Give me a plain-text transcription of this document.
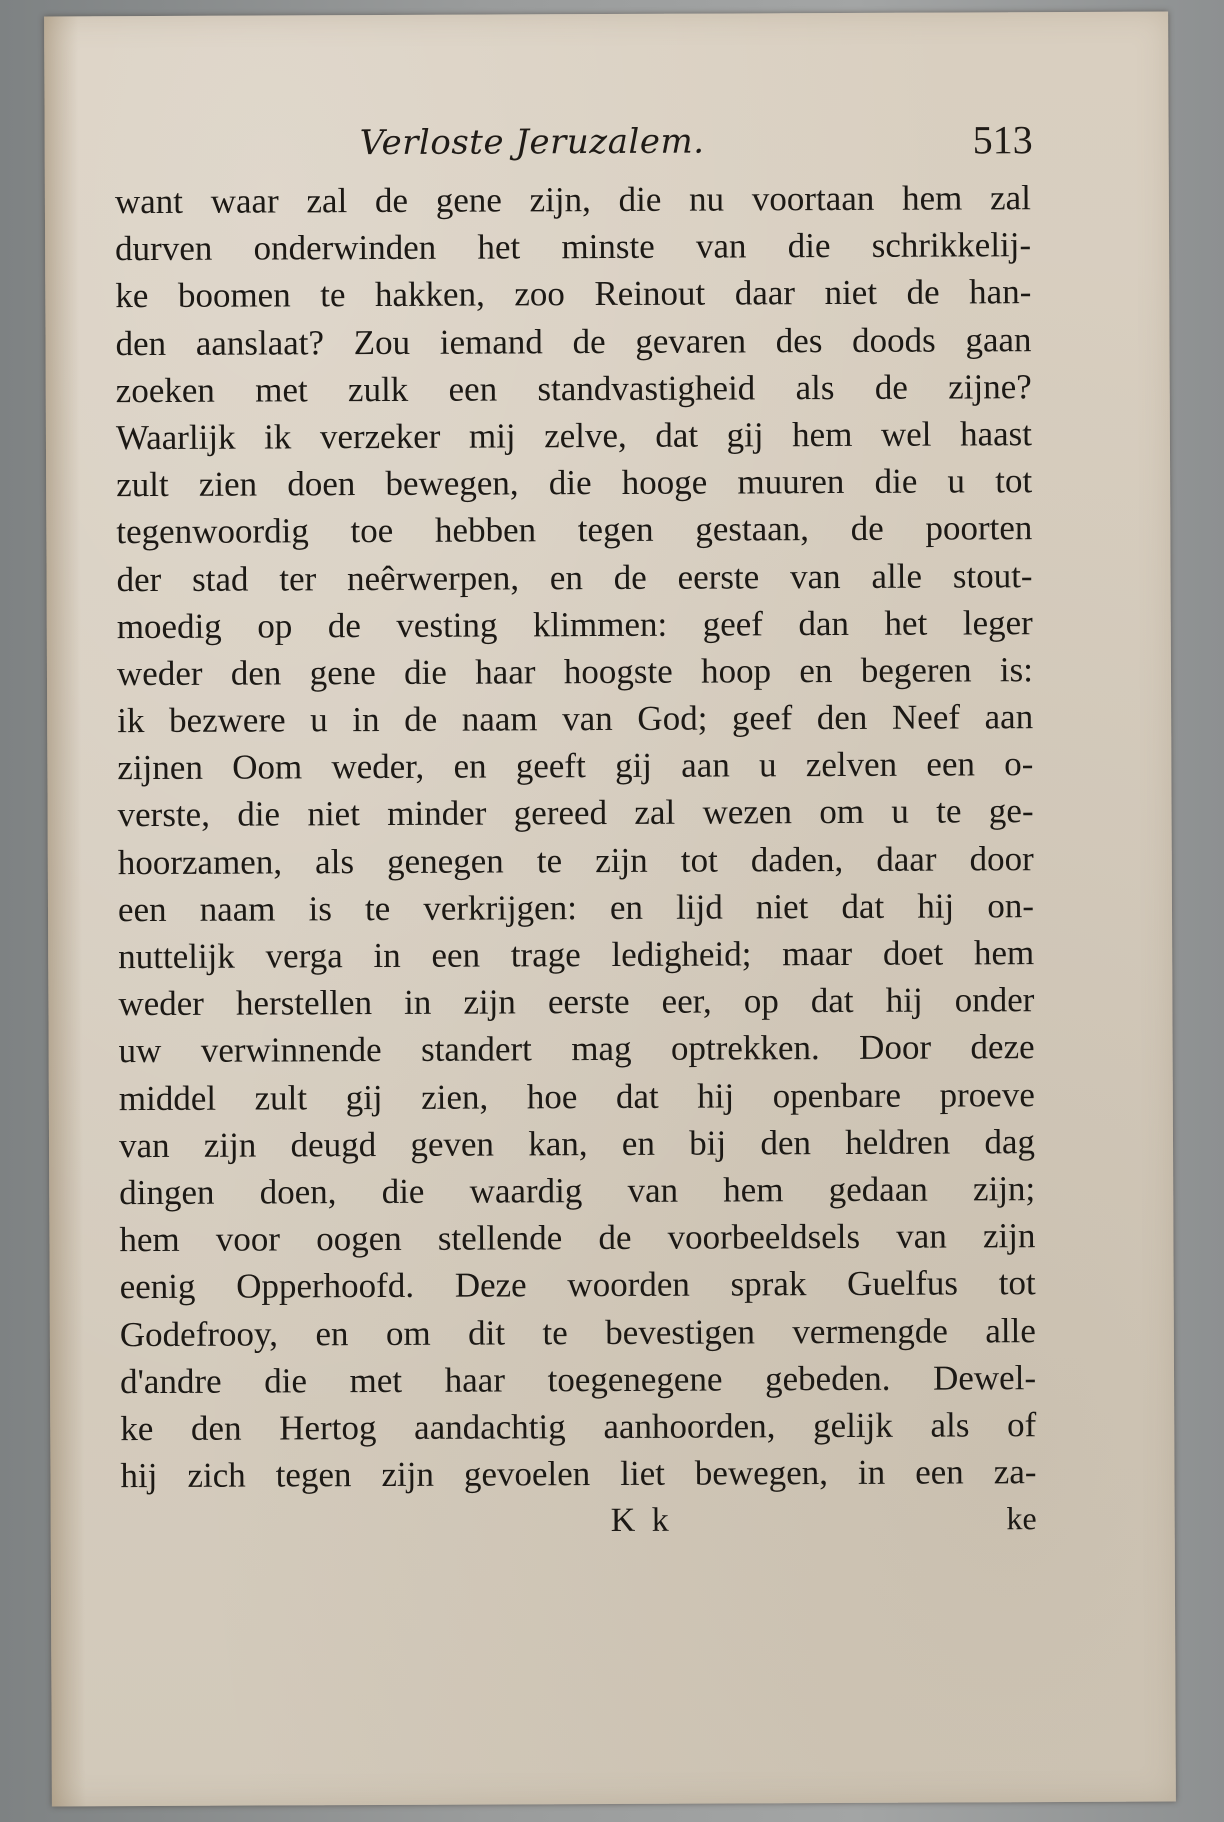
Verloste Jeruzalem.	513
want waar zal de gene zijn, die nu voortaan hem zal
durven onderwinden het minste van die schrikkelij-
ke boomen te hakken, zoo Reinout daar niet de han-
den aanslaat? Zou iemand de gevaren des doods gaan
zoeken met zulk een standvastigheid als de zijne?
Waarlijk ik verzeker mij zelve, dat gij hem wel haast
zult zien doen bewegen, die hooge muuren die u tot
tegenwoordig toe hebben tegen gestaan, de poorten
der stad ter neêrwerpen, en de eerste van alle stout-
moedig op de vesting klimmen: geef dan het leger
weder den gene die haar hoogste hoop en begeren is:
ik bezwere u in de naam van God; geef den Neef aan
zijnen Oom weder, en geeft gij aan u zelven een o-
verste, die niet minder gereed zal wezen om u te ge-
hoorzamen, als genegen te zijn tot daden, daar door
een naam is te verkrijgen: en lijd niet dat hij on-
nuttelijk verga in een trage ledigheid; maar doet hem
weder herstellen in zijn eerste eer, op dat hij onder
uw verwinnende standert mag optrekken. Door deze
middel zult gij zien, hoe dat hij openbare proeve
van zijn deugd geven kan, en bij den heldren dag
dingen doen, die waardig van hem gedaan zijn;
hem voor oogen stellende de voorbeeldsels van zijn
eenig Opperhoofd. Deze woorden sprak Guelfus tot
Godefrooy, en om dit te bevestigen vermengde alle
d'andre die met haar toegenegene gebeden. Dewel-
ke den Hertog aandachtig aanhoorden, gelijk als of
hij zich tegen zijn gevoelen liet bewegen, in een za-
K k	ke
